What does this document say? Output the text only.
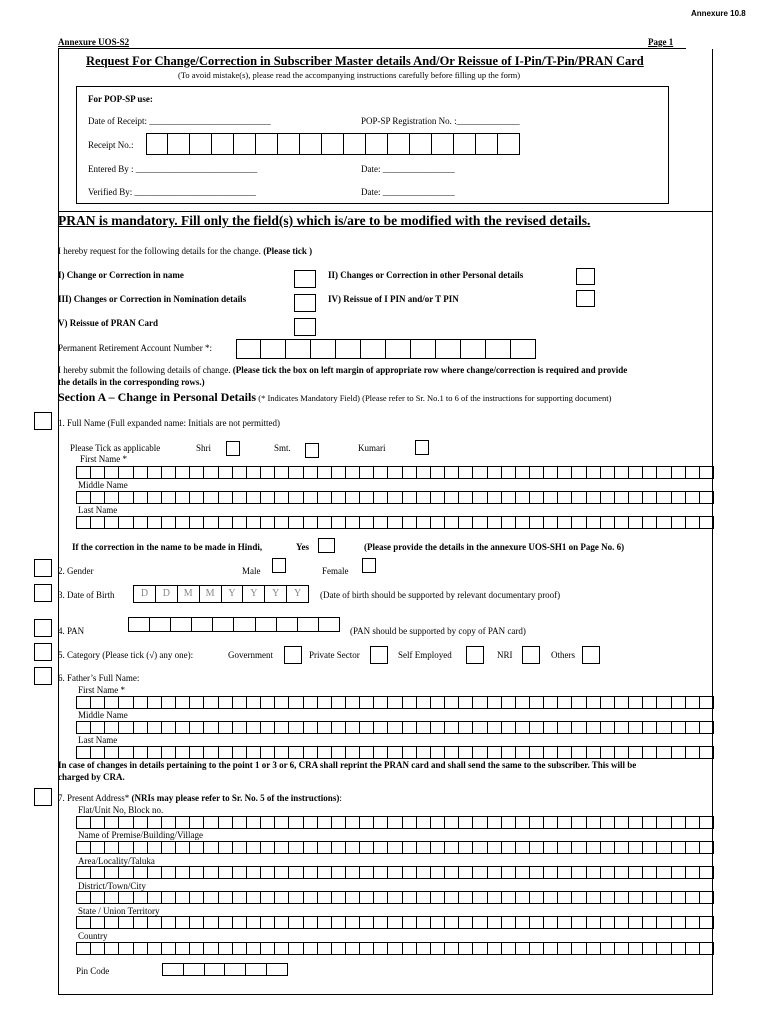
Annexure 10.8
Annexure UOS-S2	Page 1
Request For Change/Correction in Subscriber Master details And/Or Reissue of I-Pin/T-Pin/PRAN Card
(To avoid mistake(s), please read the accompanying instructions carefully before filling up the form)
For POP-SP use:
Date of Receipt: ___________________________	POP-SP Registration No. :______________
Receipt No.:
Entered By : ___________________________	Date: ________________
Verified By: ___________________________	Date: ________________
PRAN is mandatory. Fill only the field(s) which is/are to be modified with the revised details.
I hereby request for the following details for the change. (Please tick )
I) Change or Correction in name	II) Changes or Correction in other Personal details
III) Changes or Correction in Nomination details	IV) Reissue of I PIN and/or T PIN
V) Reissue of PRAN Card
Permanent Retirement Account Number *:
I hereby submit the following details of change. (Please tick the box on left margin of appropriate row where change/correction is required and provide
the details in the corresponding rows.)
Section A – Change in Personal Details (* Indicates Mandatory Field) (Please refer to Sr. No.1 to 6 of the instructions for supporting document)
1. Full Name (Full expanded name: Initials are not permitted)
Please Tick as applicable	Shri	Smt.	Kumari
First Name *
Middle Name
Last Name
If the correction in the name to be made in Hindi,	Yes	(Please provide the details in the annexure UOS-SH1 on Page No. 6)
2. Gender	Male	Female
3. Date of Birth	D	D	M	M	Y	Y	Y	Y	(Date of birth should be supported by relevant documentary proof)
4. PAN	(PAN should be supported by copy of PAN card)
5. Category (Please tick (√) any one):	Government	Private Sector	Self Employed	NRI	Others
6. Father’s Full Name:
First Name *
Middle Name
Last Name
In case of changes in details pertaining to the point 1 or 3 or 6, CRA shall reprint the PRAN card and shall send the same to the subscriber. This will be
charged by CRA.
7. Present Address* (NRIs may please refer to Sr. No. 5 of the instructions):
Flat/Unit No, Block no.
Name of Premise/Building/Village
Area/Locality/Taluka
District/Town/City
State / Union Territory
Country
Pin Code
